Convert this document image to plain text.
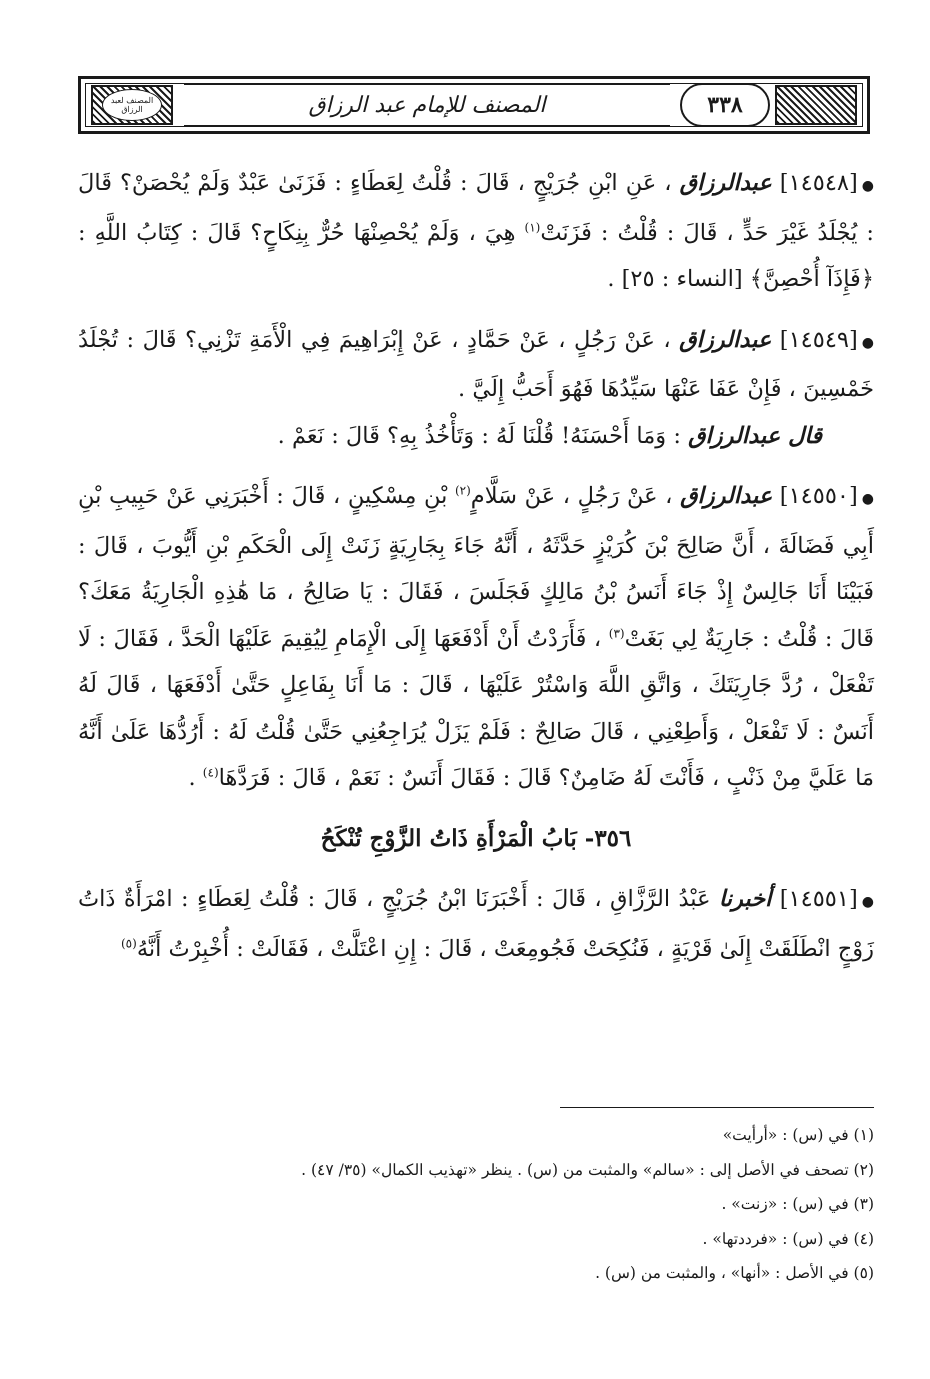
المصنف لعبد الرزاق	المصنف للإمام عبد الرزاق	٣٣٨

●[١٤٥٤٨] عبدالرزاق ، عَنِ ابْنِ جُرَيْجٍ ، قَالَ : قُلْتُ لِعَطَاءٍ : فَزَنَىٰ عَبْدٌ وَلَمْ يُحْصَنْ؟ قَالَ : يُجْلَدُ غَيْرَ حَدٍّ ، قَالَ : قُلْتُ : فَزَنَتْ$^{(١)}$ هِيَ ، وَلَمْ يُحْصِنْهَا حُرٌّ بِنِكَاحٍ؟ قَالَ : كِتَابُ اللَّهِ : ﴿فَإِذَآ أُحْصِنَّ﴾ [النساء : ٢٥] .

●[١٤٥٤٩] عبدالرزاق ، عَنْ رَجُلٍ ، عَنْ حَمَّادٍ ، عَنْ إِبْرَاهِيمَ فِي الْأَمَةِ تَزْنِي؟ قَالَ : تُجْلَدُ خَمْسِينَ ، فَإِنْ عَفَا عَنْهَا سَيِّدُهَا فَهُوَ أَحَبُّ إِلَيَّ .

قال عبدالرزاق : وَمَا أَحْسَنَهُ! قُلْنَا لَهُ : وَتَأْخُذُ بِهِ؟ قَالَ : نَعَمْ .

●[١٤٥٥٠] عبدالرزاق ، عَنْ رَجُلٍ ، عَنْ سَلَّامٍ$^{(٢)}$ بْنِ مِسْكِينٍ ، قَالَ : أَخْبَرَنِي عَنْ حَبِيبِ بْنِ أَبِي فَضَالَةَ ، أَنَّ صَالِحَ بْنَ كُرَيْزٍ حَدَّثَهُ ، أَنَّهُ جَاءَ بِجَارِيَةٍ زَنَتْ إِلَى الْحَكَمِ بْنِ أَيُّوبَ ، قَالَ : فَبَيْنَا أَنَا جَالِسٌ إِذْ جَاءَ أَنَسُ بْنُ مَالِكٍ فَجَلَسَ ، فَقَالَ : يَا صَالِحُ ، مَا هَٰذِهِ الْجَارِيَةُ مَعَكَ؟ قَالَ : قُلْتُ : جَارِيَةٌ لِي بَغَتْ$^{(٣)}$ ، فَأَرَدْتُ أَنْ أَدْفَعَهَا إِلَى الْإِمَامِ لِيُقِيمَ عَلَيْهَا الْحَدَّ ، فَقَالَ : لَا تَفْعَلْ ، رُدَّ جَارِيَتَكَ ، وَاتَّقِ اللَّهَ وَاسْتُرْ عَلَيْهَا ، قَالَ : مَا أَنَا بِفَاعِلٍ حَتَّىٰ أَدْفَعَهَا ، قَالَ لَهُ أَنَسٌ : لَا تَفْعَلْ ، وَأَطِعْنِي ، قَالَ صَالِحٌ : فَلَمْ يَزَلْ يُرَاجِعُنِي حَتَّىٰ قُلْتُ لَهُ : أَرُدُّهَا عَلَىٰ أَنَّهُ مَا عَلَيَّ مِنْ ذَنْبٍ ، فَأَنْتَ لَهُ ضَامِنٌ؟ قَالَ : فَقَالَ أَنَسٌ : نَعَمْ ، قَالَ : فَرَدَّهَا$^{(٤)}$ .

٣٥٦- بَابُ الْمَرْأَةِ ذَاتُ الزَّوْجِ تُنْكَحُ

●[١٤٥٥١] أخبرنا عَبْدُ الرَّزَّاقِ ، قَالَ : أَخْبَرَنَا ابْنُ جُرَيْجٍ ، قَالَ : قُلْتُ لِعَطَاءٍ : امْرَأَةٌ ذَاتُ زَوْجٍ انْطَلَقَتْ إِلَىٰ قَرْيَةٍ ، فَنُكِحَتْ فَجُومِعَتْ ، قَالَ : إِنِ اعْتَلَّتْ ، فَقَالَتْ : أُخْبِرْتُ أَنَّهُ$^{(٥)}$

(١) في (س) : «أرأيت»
(٢) تصحف في الأصل إلى : «سالم» والمثبت من (س) . ينظر «تهذيب الكمال» (٣٥/ ٤٧) .
(٣) في (س) : «زنت» .
(٤) في (س) : «فرددتها» .
(٥) في الأصل : «أنها» ، والمثبت من (س) .
